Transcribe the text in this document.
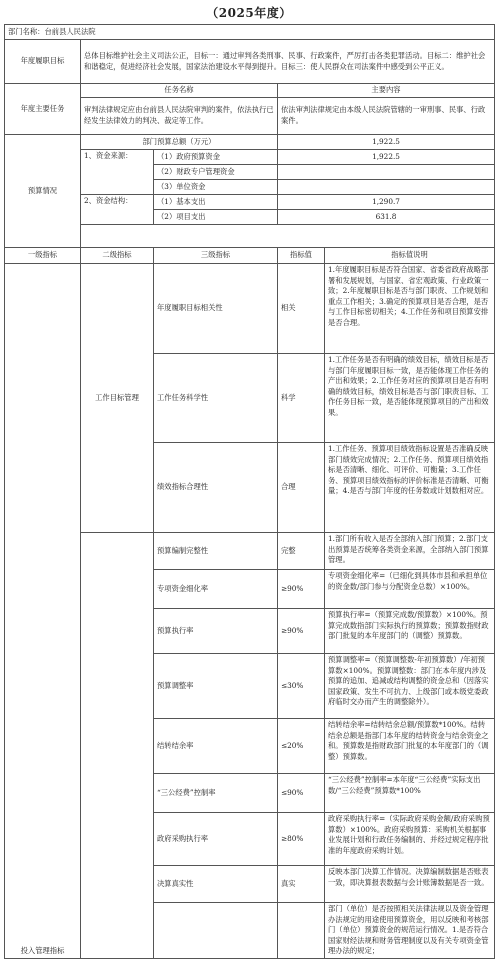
（2025年度）
部门名称：台前县人民法院				
年度履职目标	总体目标维护社会主义司法公正，目标一：通过审判各类刑事、民事、行政案件，严厉打击各类犯罪活动。目标二：维护社会和谐稳定，促进经济社会发展，国家法治建设水平得到提升。目标三：使人民群众在司法案件中感受到公平正义。			
年度主要任务	任务名称		主要内容	
	审判法律规定应由台前县人民法院审判的案件，依法执行已经发生法律效力的判决、裁定等工作。		依法审判法律规定由本级人民法院管辖的一审刑事、民事、行政案件。	
预算情况	部门预算总额（万元）		1,922.5	
	1、资金来源：	（1）政府预算资金	1,922.5	
		（2）财政专户管理资金		
		（3）单位资金		
	2、资金结构：	（1）基本支出	1,290.7	
		（2）项目支出	631.8	

一级指标	二级指标	三级指标	指标值	指标值说明
投入管理指标	工作目标管理	年度履职目标相关性	相关	1.年度履职目标是否符合国家、省委省政府战略部署和发展规划，与国家、省宏观政策、行业政策一致；2.年度履职目标是否与部门职责、工作规划和重点工作相关；3.确定的预算项目是否合理，是否与工作目标密切相关；4.工作任务和项目预算安排是否合理。
		工作任务科学性	科学	1.工作任务是否有明确的绩效目标，绩效目标是否与部门年度履职目标一致，是否能体现工作任务的产出和效果；2.工作任务对应的预算项目是否有明确的绩效目标，绩效目标是否与部门职责目标、工作任务目标一致，是否能体现预算项目的产出和效果。
		绩效指标合理性	合理	1.工作任务、预算项目绩效指标设置是否准确反映部门绩效完成情况；2.工作任务、预算项目绩效指标是否清晰、细化、可评价、可衡量；3.工作任务、预算项目绩效指标的评价标准是否清晰、可衡量；4.是否与部门年度的任务数或计划数相对应。
		预算编制完整性	完整	1.部门所有收入是否全部纳入部门预算；2.部门支出预算是否统筹各类资金来源，全部纳入部门预算管理。
		专项资金细化率	≥90%	专项资金细化率=（已细化到具体市县和承担单位的资金数/部门参与分配资金总数）×100%。
		预算执行率	≥90%	预算执行率=（预算完成数/预算数）×100%。预算完成数指部门实际执行的预算数；预算数指财政部门批复的本年度部门的（调整）预算数。
		预算调整率	≤30%	预算调整率=（预算调整数-年初预算数）/年初预算数×100%。预算调整数：部门在本年度内涉及预算的追加、追减或结构调整的资金总和（因落实国家政策、发生不可抗力、上级部门或本级党委政府临时交办而产生的调整除外）。
		结转结余率	≤20%	结转结余率=结转结余总额/预算数*100%。结转结余总额是指部门本年度的结转资金与结余资金之和。预算数是指财政部门批复的本年度部门的（调整）预算数。
		“三公经费”控制率	≤90%	“三公经费”控制率=本年度“三公经费”实际支出数/“三公经费”预算数*100%
		政府采购执行率	≥80%	政府采购执行率=（实际政府采购金额/政府采购预算数）×100%。政府采购预算：采购机关根据事业发展计划和行政任务编制的、并经过规定程序批准的年度政府采购计划。
		决算真实性	真实	反映本部门决算工作情况。决算编制数据是否账表一致，即决算报表数据与会计账簿数据是否一致。
				部门（单位）是否按照相关法律法规以及资金管理办法规定的用途使用预算资金，用以反映和考核部门（单位）预算资金的规范运行情况。1.是否符合国家财经法规和财务管理制度以及有关专项资金管理办法的规定；
